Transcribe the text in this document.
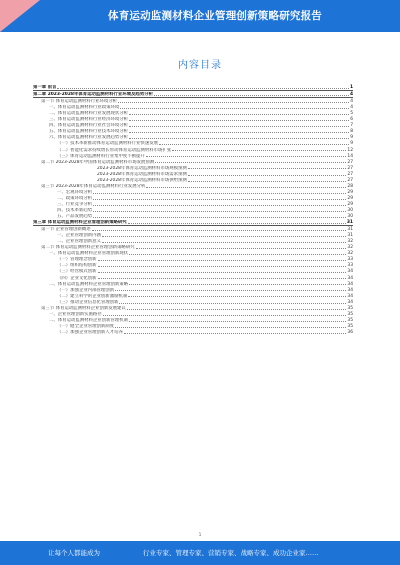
体育运动监测材料企业管理创新策略研究报告
内容目录
第一章 前言	1
第二章 2023-2028年体育运动监测材料行业环境及趋势分析	4
第一节 体育运动监测材料行业环境分析	4
一、体育运动监测材料行业政策环境	4
二、体育运动监测材料行业发展现状分析	5
三、体育运动监测材料行业经济环境分析	6
四、体育运动监测材料行业社会环境分析	7
五、体育运动监测材料行业技术环境分析	8
六、体育运动监测材料行业发展趋势分析	9
（一）技术革新推动体育运动监测材料行业快速发展	9
（二）智能化需求持续增长带动体育运动监测材料市场扩张	12
（三）体育运动监测材料行业集中度不断提升	14
第二节 2023-2028年中国体育运动监测材料市场发展预测	27
2023-2028年体育运动监测材料市场规模预测	27
2023-2028年体育运动监测材料市场需求预测	27
2023-2028年体育运动监测材料市场供给预测	27
第三节 2023-2028年体育运动监测材料行业发展分析	28
一、宏观环境分析	29
二、政策环境分析	29
三、行业竞争分析	29
四、技术革新趋势	30
五、产品发展趋势	30
第三章 体育运动监测材料企业管理创新策略研究	31
第一节 企业管理创新概述	31
一、企业管理创新内涵	31
二、企业管理创新意义	32
第二节 体育运动监测材料企业管理创新策略研究	32
一、体育运动监测材料企业管理创新现状	32
（一）管理理念创新	33
（二）组织结构创新	33
（三）经营模式创新	34
（四）企业文化创新	34
二、体育运动监测材料企业管理创新策略	34
（一）加强企业内部管理创新	34
（二）建立科学的企业创新激励机制	34
（三）推动企业信息化管理创新	34
第三节 体育运动监测材料企业创新发展建议	35
一、企业管理创新实施路径	35
二、体育运动监测材料企业创新管理机制	35
（一）健全企业管理创新制度	35
（二）加强企业管理创新人才培养	36
1
让每个人都能成为	行业专家、管理专家、营销专家、战略专家、成功企业家……
